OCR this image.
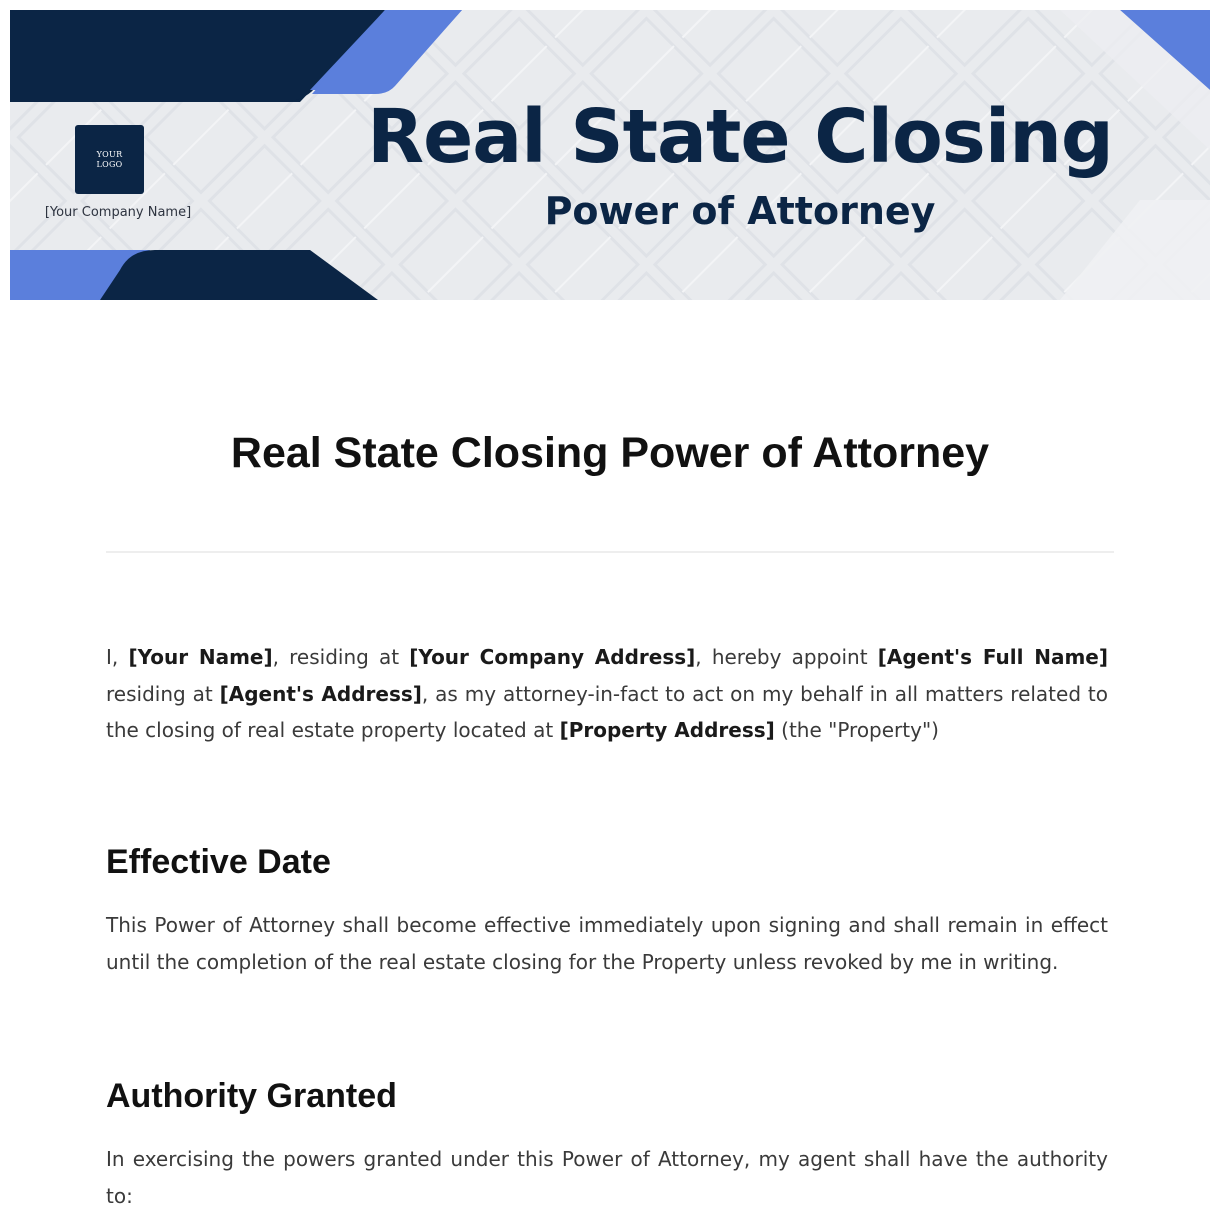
YOUR
LOGO
[Your Company Name]
Real State Closing
Power of Attorney
Real State Closing Power of Attorney
I, [Your Name], residing at [Your Company Address], hereby appoint [Agent's Full Name] residing at [Agent's Address], as my attorney-in-fact to act on my behalf in all matters related to the closing of real estate property located at [Property Address] (the "Property")
Effective Date
This Power of Attorney shall become effective immediately upon signing and shall remain in effect until the completion of the real estate closing for the Property unless revoked by me in writing.
Authority Granted
In exercising the powers granted under this Power of Attorney, my agent shall have the authority to:
